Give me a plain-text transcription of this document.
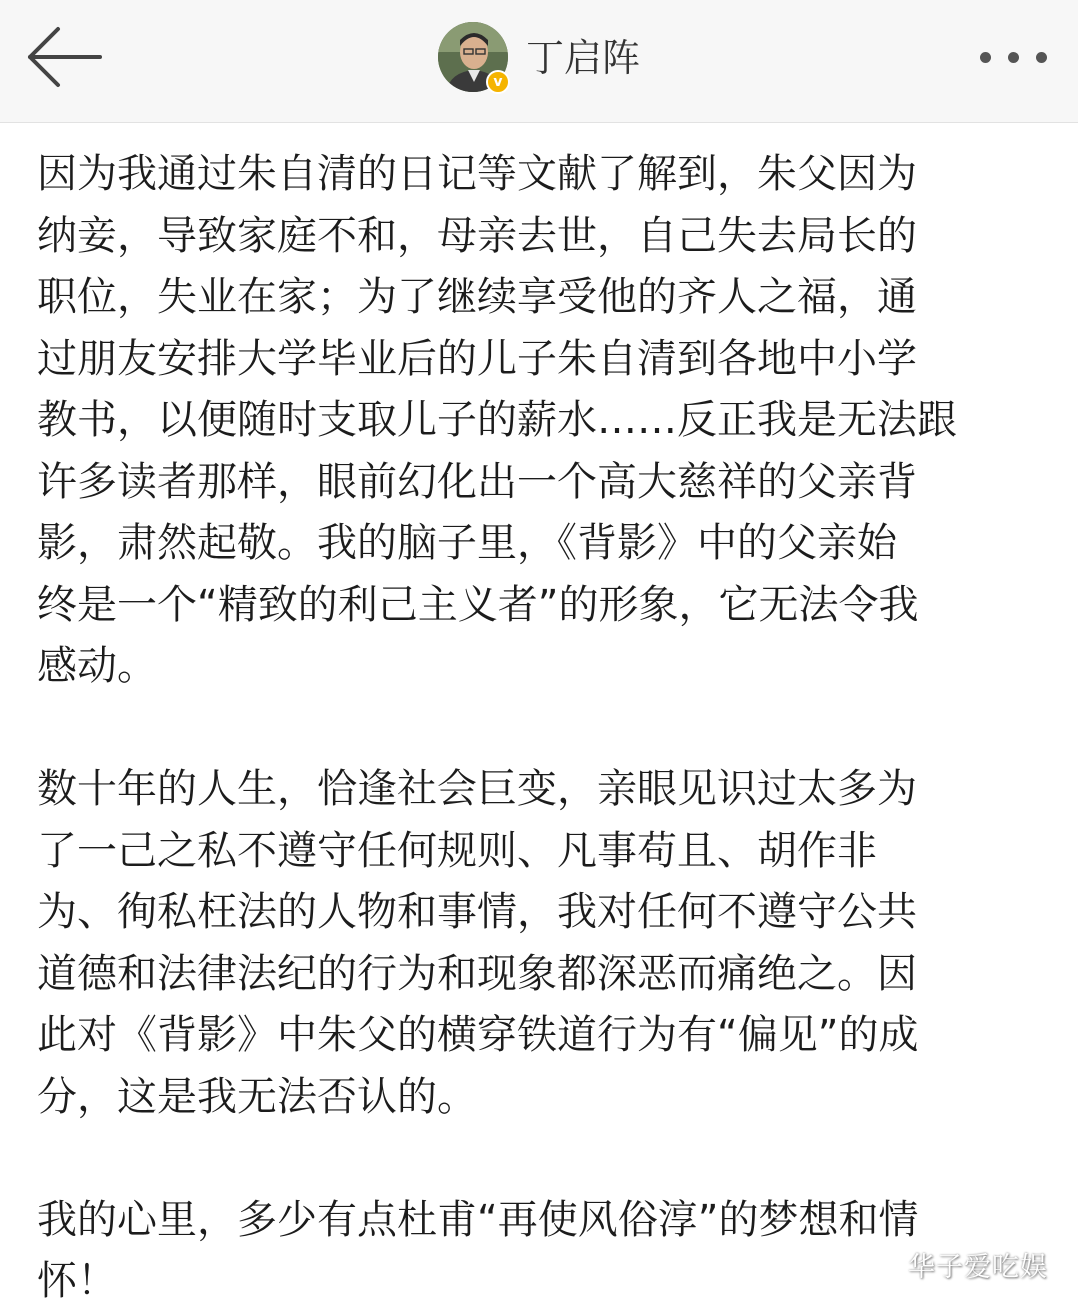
v
丁启阵

因为我通过朱自清的日记等文献了解到，朱父因为
纳妾，导致家庭不和，母亲去世，自己失去局长的
职位，失业在家；为了继续享受他的齐人之福，通
过朋友安排大学毕业后的儿子朱自清到各地中小学
教书，以便随时支取儿子的薪水……反正我是无法跟
许多读者那样，眼前幻化出一个高大慈祥的父亲背
影，肃然起敬。我的脑子里，《背影》中的父亲始
终是一个“精致的利己主义者”的形象，它无法令我
感动。

数十年的人生，恰逢社会巨变，亲眼见识过太多为
了一己之私不遵守任何规则、凡事苟且、胡作非
为、徇私枉法的人物和事情，我对任何不遵守公共
道德和法律法纪的行为和现象都深恶而痛绝之。因
此对《背影》中朱父的横穿铁道行为有“偏见”的成
分，这是我无法否认的。

我的心里，多少有点杜甫“再使风俗淳”的梦想和情
怀！	华子爱吃娱
